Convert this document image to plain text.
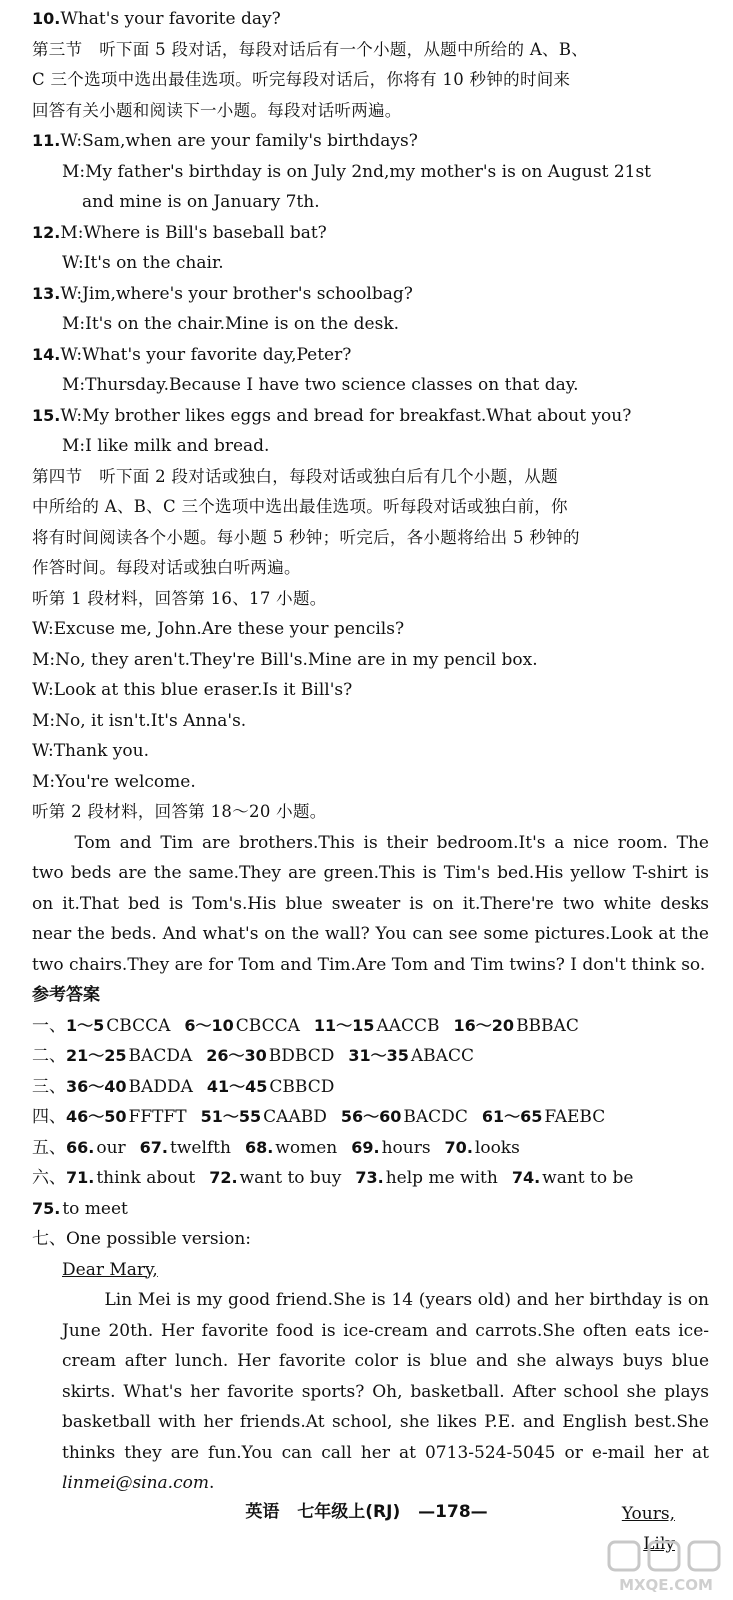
10.What's your favorite day?
第三节　听下面 5 段对话，每段对话后有一个小题，从题中所给的 A、B、
C 三个选项中选出最佳选项。听完每段对话后，你将有 10 秒钟的时间来
回答有关小题和阅读下一小题。每段对话听两遍。
11.W:Sam,when are your family's birthdays?
M:My father's birthday is on July 2nd,my mother's is on August 21st
and mine is on January 7th.
12.M:Where is Bill's baseball bat?
W:It's on the chair.
13.W:Jim,where's your brother's schoolbag?
M:It's on the chair.Mine is on the desk.
14.W:What's your favorite day,Peter?
M:Thursday.Because I have two science classes on that day.
15.W:My brother likes eggs and bread for breakfast.What about you?
M:I like milk and bread.
第四节　听下面 2 段对话或独白，每段对话或独白后有几个小题，从题
中所给的 A、B、C 三个选项中选出最佳选项。听每段对话或独白前，你
将有时间阅读各个小题。每小题 5 秒钟；听完后，各小题将给出 5 秒钟的
作答时间。每段对话或独白听两遍。
听第 1 段材料，回答第 16、17 小题。
W:Excuse me, John.Are these your pencils?
M:No, they aren't.They're Bill's.Mine are in my pencil box.
W:Look at this blue eraser.Is it Bill's?
M:No, it isn't.It's Anna's.
W:Thank you.
M:You're welcome.
听第 2 段材料，回答第 18～20 小题。

Tom and Tim are brothers.This is their bedroom.It's a nice room. The two beds are the same.They are green.This is Tim's bed.His yellow T-shirt is on it.That bed is Tom's.His blue sweater is on it.There're two white desks near the beds. And what's on the wall? You can see some pictures.Look at the two chairs.They are for Tom and Tim.Are Tom and Tim twins? I don't think so.

参考答案
一、1～5 CBCCA 6～10 CBCCA 11～15 AACCB 16～20 BBBAC
二、21～25 BACDA 26～30 BDBCD 31～35 ABACC
三、36～40 BADDA 41～45 CBBCD
四、46～50 FFTFT 51～55 CAABD 56～60 BACDC 61～65 FAEBC
五、66. our 67. twelfth 68. women 69. hours 70. looks
六、71. think about 72. want to buy 73. help me with 74. want to be
75. to meet
七、One possible version:
Dear Mary,

Lin Mei is my good friend.She is 14 (years old) and her birthday is on June 20th. Her favorite food is ice-cream and carrots.She often eats ice-cream after lunch. Her favorite color is blue and she always buys blue skirts. What's her favorite sports? Oh, basketball. After school she plays basketball with her friends.At school, she likes P.E. and English best.She thinks they are fun.You can call her at 0713-524-5045 or e-mail her at linmei@sina.com.

Yours,
Lily
英语 七年级上(RJ) —178—
MXQE.COM
